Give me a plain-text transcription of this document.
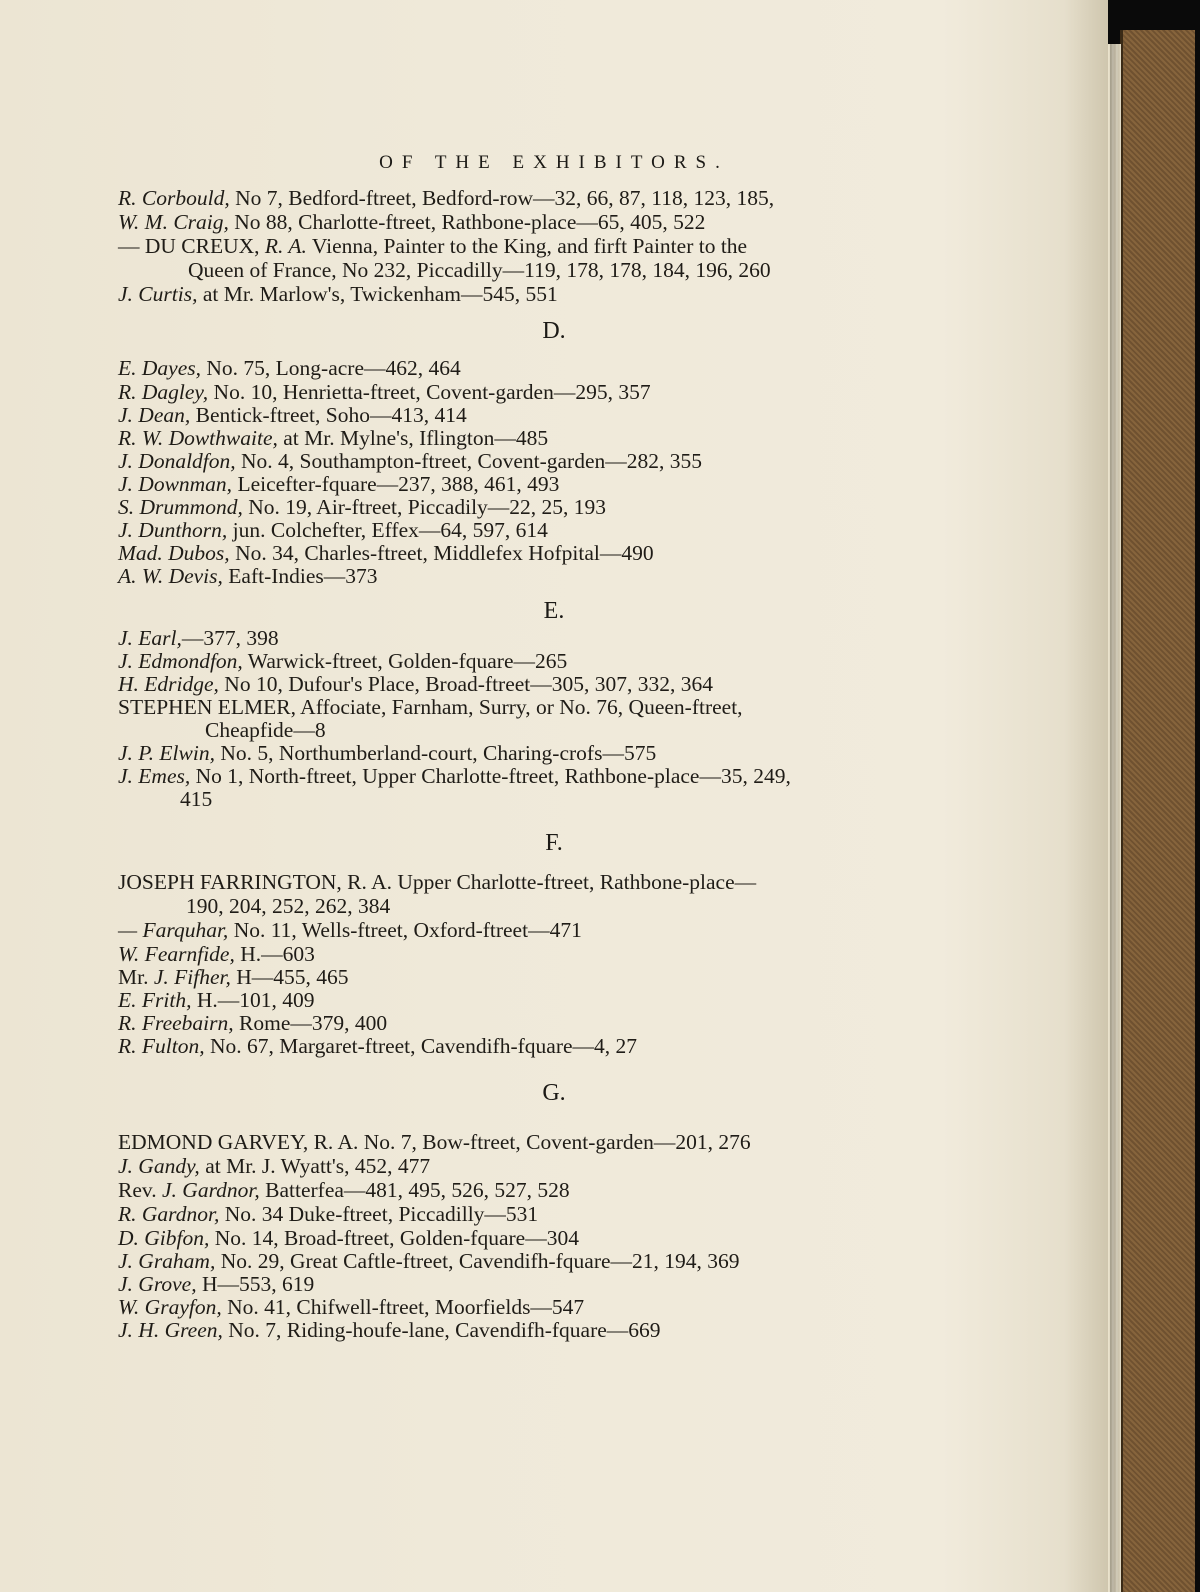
OF THE EXHIBITORS.
R. Corbould, No 7, Bedford-ftreet, Bedford-row—32, 66, 87, 118, 123, 185,
W. M. Craig, No 88, Charlotte-ftreet, Rathbone-place—65, 405, 522
— DU CREUX, R. A. Vienna, Painter to the King, and firft Painter to the
Queen of France, No 232, Piccadilly—119, 178, 178, 184, 196, 260
J. Curtis, at Mr. Marlow's, Twickenham—545, 551
D.
E. Dayes, No. 75, Long-acre—462, 464
R. Dagley, No. 10, Henrietta-ftreet, Covent-garden—295, 357
J. Dean, Bentick-ftreet, Soho—413, 414
R. W. Dowthwaite, at Mr. Mylne's, Iflington—485
J. Donaldfon, No. 4, Southampton-ftreet, Covent-garden—282, 355
J. Downman, Leicefter-fquare—237, 388, 461, 493
S. Drummond, No. 19, Air-ftreet, Piccadily—22, 25, 193
J. Dunthorn, jun. Colchefter, Effex—64, 597, 614
Mad. Dubos, No. 34, Charles-ftreet, Middlefex Hofpital—490
A. W. Devis, Eaft-Indies—373
E.
J. Earl,—377, 398
J. Edmondfon, Warwick-ftreet, Golden-fquare—265
H. Edridge, No 10, Dufour's Place, Broad-ftreet—305, 307, 332, 364
STEPHEN ELMER, Affociate, Farnham, Surry, or No. 76, Queen-ftreet,
Cheapfide—8
J. P. Elwin, No. 5, Northumberland-court, Charing-crofs—575
J. Emes, No 1, North-ftreet, Upper Charlotte-ftreet, Rathbone-place—35, 249,
415
F.
JOSEPH FARRINGTON, R. A. Upper Charlotte-ftreet, Rathbone-place—
190, 204, 252, 262, 384
— Farquhar, No. 11, Wells-ftreet, Oxford-ftreet—471
W. Fearnfide, H.—603
Mr. J. Fifher, H—455, 465
E. Frith, H.—101, 409
R. Freebairn, Rome—379, 400
R. Fulton, No. 67, Margaret-ftreet, Cavendifh-fquare—4, 27
G.
EDMOND GARVEY, R. A. No. 7, Bow-ftreet, Covent-garden—201, 276
J. Gandy, at Mr. J. Wyatt's, 452, 477
Rev. J. Gardnor, Batterfea—481, 495, 526, 527, 528
R. Gardnor, No. 34 Duke-ftreet, Piccadilly—531
D. Gibfon, No. 14, Broad-ftreet, Golden-fquare—304
J. Graham, No. 29, Great Caftle-ftreet, Cavendifh-fquare—21, 194, 369
J. Grove, H—553, 619
W. Grayfon, No. 41, Chifwell-ftreet, Moorfields—547
J. H. Green, No. 7, Riding-houfe-lane, Cavendifh-fquare—669
